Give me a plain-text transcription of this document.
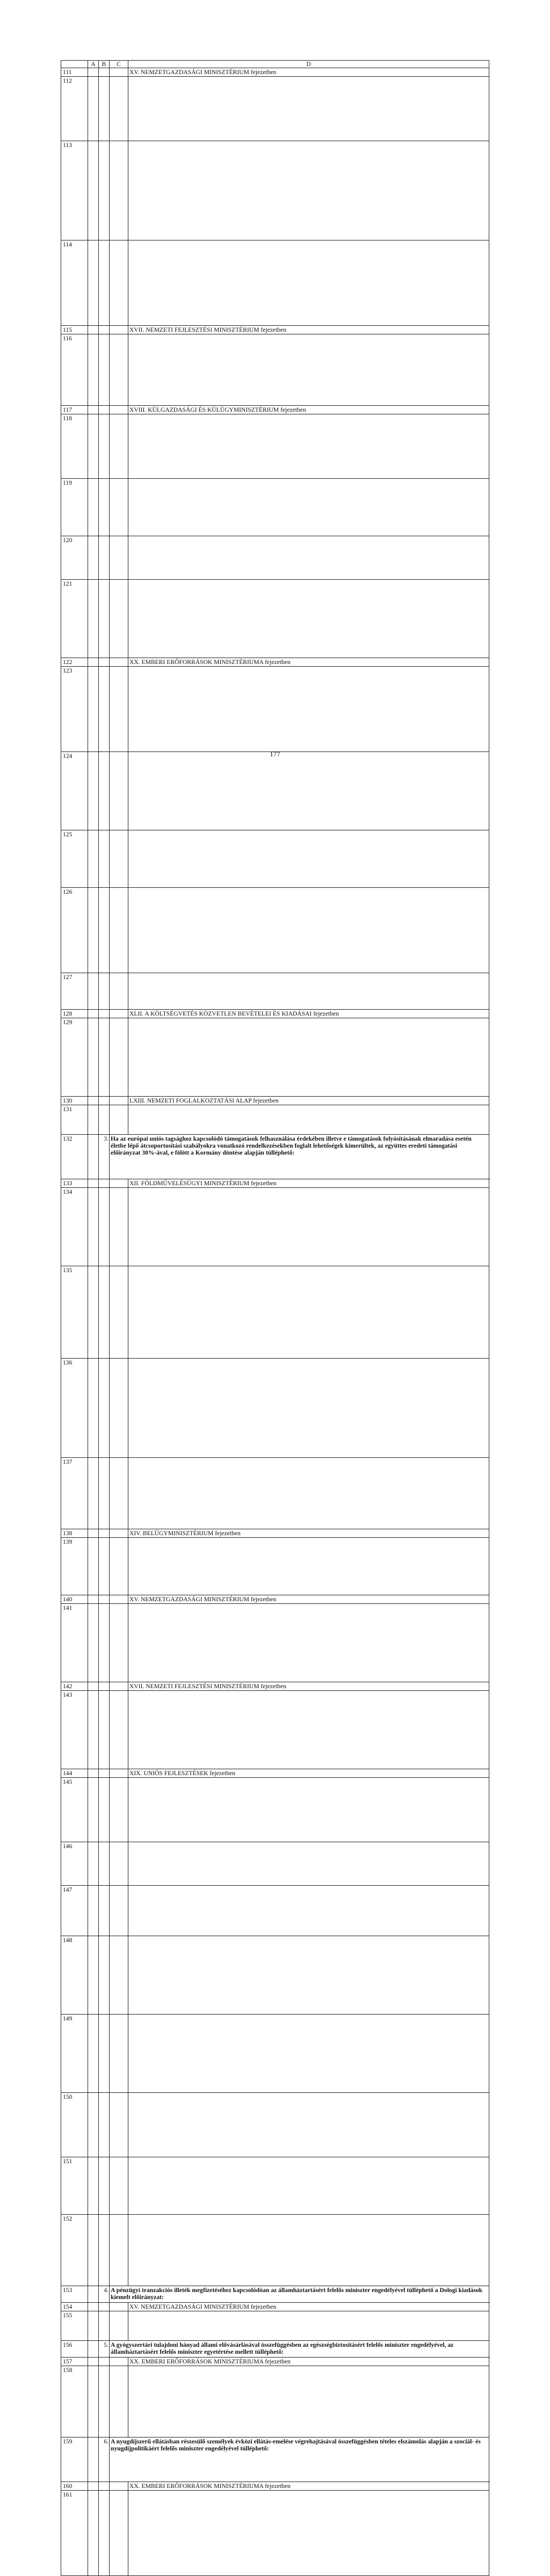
	A	B	C	D	
111				XV. NEMZETGAZDASÁGI MINISZTÉRIUM fejezetben	
112					
113					
114					
115				XVII. NEMZETI FEJLESZTÉSI MINISZTÉRIUM fejezetben	
116					
117				XVIII. KÜLGAZDASÁGI ÉS KÜLÜGYMINISZTÉRIUM fejezetben	
118					
119					
120					
121					
122				XX. EMBERI ERŐFORRÁSOK MINISZTÉRIUMA fejezetben	
123					
124					
125					
126					
127					
128				XLII. A KÖLTSÉGVETÉS KÖZVETLEN BEVÉTELEI ÉS KIADÁSAI fejezetben	
129					
130				LXIII. NEMZETI FOGLALKOZTATÁSI ALAP fejezetben	
131					
132		3.	Ha az európai uniós tagsághoz kapcsolódó támogatások felhasználása érdekében illetve e támogatások folyósításának elmaradása esetén életbe lépő átcsoportosítási szabályokra vonatkozó rendelkezésekben foglalt lehetőségek kimerültek, az együttes eredeti támogatási előirányzat 30%-ával, e fölött a Kormány döntése alapján túlléphető:		
133				XII. FÖLDMŰVELÉSÜGYI MINISZTÉRIUM fejezetben	
134					
135					
136					
137					
138				XIV. BELÜGYMINISZTÉRIUM fejezetben	
139					
140				XV. NEMZETGAZDASÁGI MINISZTÉRIUM fejezetben	
141					
142				XVII. NEMZETI FEJLESZTÉSI MINISZTÉRIUM fejezetben	
143					
144				XIX. UNIÓS FEJLESZTÉSEK fejezetben	
145					
146					
147					
148					
149					
150					
151					
152					
153		4.	A pénzügyi tranzakciós illeték megfizetéséhez kapcsolódóan az államháztartásért felelős miniszter engedélyével túlléphető a Dologi kiadások kiemelt előirányzat:		
154				XV. NEMZETGAZDASÁGI MINISZTÉRIUM fejezetben	
155					
156		5.	A gyógyszertári tulajdoni hányad állami elővásárlásával összefüggésben az egészségbiztosításért felelős miniszter engedélyével, az államháztartásért felelős miniszter egyetértése mellett túlléphető:		
157				XX. EMBERI ERŐFORRÁSOK MINISZTÉRIUMA fejezetben	
158					
159		6.	A nyugdíjszerű ellátásban részesülő személyek évközi ellátás-emelése végrehajtásával összefüggésben tételes elszámolás alapján a szociál- és nyugdíjpolitikáért felelős miniszter engedélyével túlléphető:		
160				XX. EMBERI ERŐFORRÁSOK MINISZTÉRIUMA fejezetben	
161					
177
